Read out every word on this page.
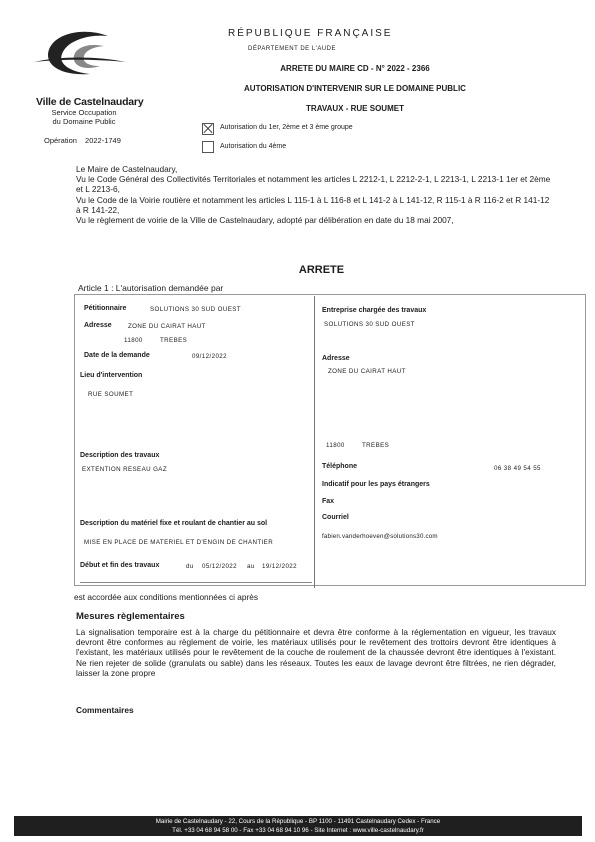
Ville de Castelnaudary
Service Occupation du Domaine Public
Opération 2022-1749
RÉPUBLIQUE FRANÇAISE
DÉPARTEMENT DE L'AUDE
ARRETE DU MAIRE CD - N° 2022 - 2366
AUTORISATION D'INTERVENIR SUR LE DOMAINE PUBLIC
TRAVAUX - RUE SOUMET
Autorisation du 1er, 2ème et 3 ème groupe
Autorisation du 4ème

Le Maire de Castelnaudary,

Vu le Code Général des Collectivités Territoriales et notamment les articles L 2212-1, L 2212-2-1, L 2213-1, L 2213-1 1er et 2ème et L 2213-6,

Vu le Code de la Voirie routière et notamment les articles L 115-1 à L 116-8 et L 141-2 à L 141-12, R 115-1 à R 116-2 et R 141-12 à R 141-22,

Vu le règlement de voirie de la Ville de Castelnaudary, adopté par délibération en date du 18 mai 2007,

ARRETE
Article 1 : L'autorisation demandée par
Pétitionnaire	SOLUTIONS 30 SUD OUEST
Adresse	ZONE DU CAIRAT HAUT
11800	TREBES
Date de la demande	09/12/2022
Lieu d'intervention
RUE SOUMET
Description des travaux
EXTENTION RESEAU GAZ
Description du matériel fixe et roulant de chantier au sol
MISE EN PLACE DE MATERIEL ET D'ENGIN DE CHANTIER
Début et fin des travaux	du 05/12/2022 au 19/12/2022
Entreprise chargée des travaux
SOLUTIONS 30 SUD OUEST
Adresse
ZONE DU CAIRAT HAUT
11800	TREBES
Téléphone	06 38 49 54 55
Indicatif pour les pays étrangers
Fax
Courriel
fabien.vanderhoeven@solutions30.com
est accordée aux conditions mentionnées ci après
Mesures règlementaires
La signalisation temporaire est à la charge du pétitionnaire et devra être conforme à la réglementation en vigueur, les travaux devront être conformes au règlement de voirie, les matériaux utilisés pour le revêtement des trottoirs devront être identiques à l'existant, les matériaux utilisés pour le revêtement de la couche de roulement de la chaussée devront être identiques à l'existant. Ne rien rejeter de solide (granulats ou sable) dans les réseaux. Toutes les eaux de lavage devront être filtrées, ne rien dégrader, laisser la zone propre
Commentaires
Mairie de Castelnaudary - 22, Cours de la République - BP 1100 - 11491 Castelnaudary Cedex - France
Tél. +33 04 68 94 58 00 - Fax +33 04 68 94 10 96 - Site Internet : www.ville-castelnaudary.fr
